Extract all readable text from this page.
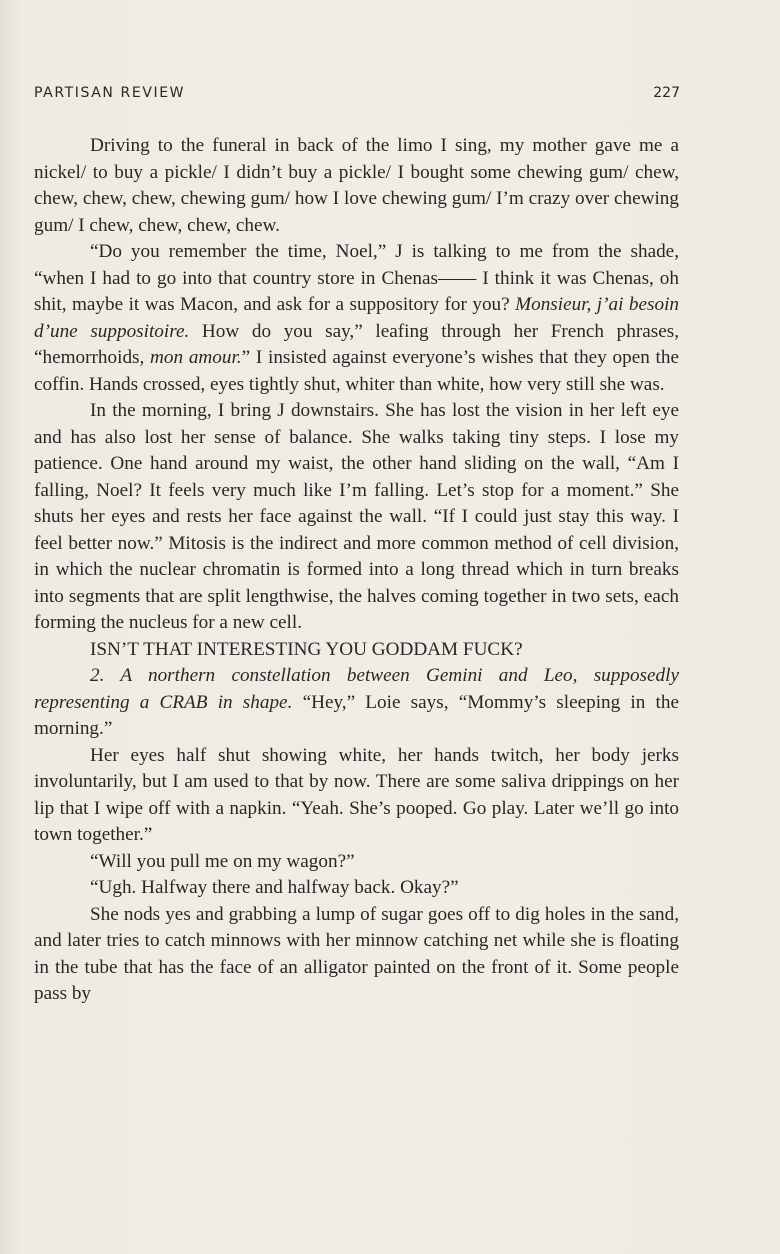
PARTISAN REVIEW	227

Driving to the funeral in back of the limo I sing, my mother gave me a nickel/ to buy a pickle/ I didn’t buy a pickle/ I bought some chewing gum/ chew, chew, chew, chew, chewing gum/ how I love chewing gum/ I’m crazy over chewing gum/ I chew, chew, chew, chew.

“Do you remember the time, Noel,” J is talking to me from the shade, “when I had to go into that country store in Chenas—— I think it was Chenas, oh shit, maybe it was Macon, and ask for a suppository for you? Monsieur, j’ai besoin d’une suppositoire. How do you say,” leafing through her French phrases, “hemorrhoids, mon amour.” I insisted against everyone’s wishes that they open the coffin. Hands crossed, eyes tightly shut, whiter than white, how very still she was.

In the morning, I bring J downstairs. She has lost the vision in her left eye and has also lost her sense of balance. She walks taking tiny steps. I lose my patience. One hand around my waist, the other hand sliding on the wall, “Am I falling, Noel? It feels very much like I’m falling. Let’s stop for a moment.” She shuts her eyes and rests her face against the wall. “If I could just stay this way. I feel better now.” Mitosis is the indirect and more common method of cell division, in which the nuclear chromatin is formed into a long thread which in turn breaks into segments that are split lengthwise, the halves coming together in two sets, each forming the nucleus for a new cell.

ISN’T THAT INTERESTING YOU GODDAM FUCK?

2. A northern constellation between Gemini and Leo, supposedly representing a CRAB in shape. “Hey,” Loie says, “Mommy’s sleeping in the morning.”

Her eyes half shut showing white, her hands twitch, her body jerks involuntarily, but I am used to that by now. There are some saliva drippings on her lip that I wipe off with a napkin. “Yeah. She’s pooped. Go play. Later we’ll go into town together.”

“Will you pull me on my wagon?”

“Ugh. Halfway there and halfway back. Okay?”

She nods yes and grabbing a lump of sugar goes off to dig holes in the sand, and later tries to catch minnows with her minnow catching net while she is floating in the tube that has the face of an alligator painted on the front of it. Some people pass by
